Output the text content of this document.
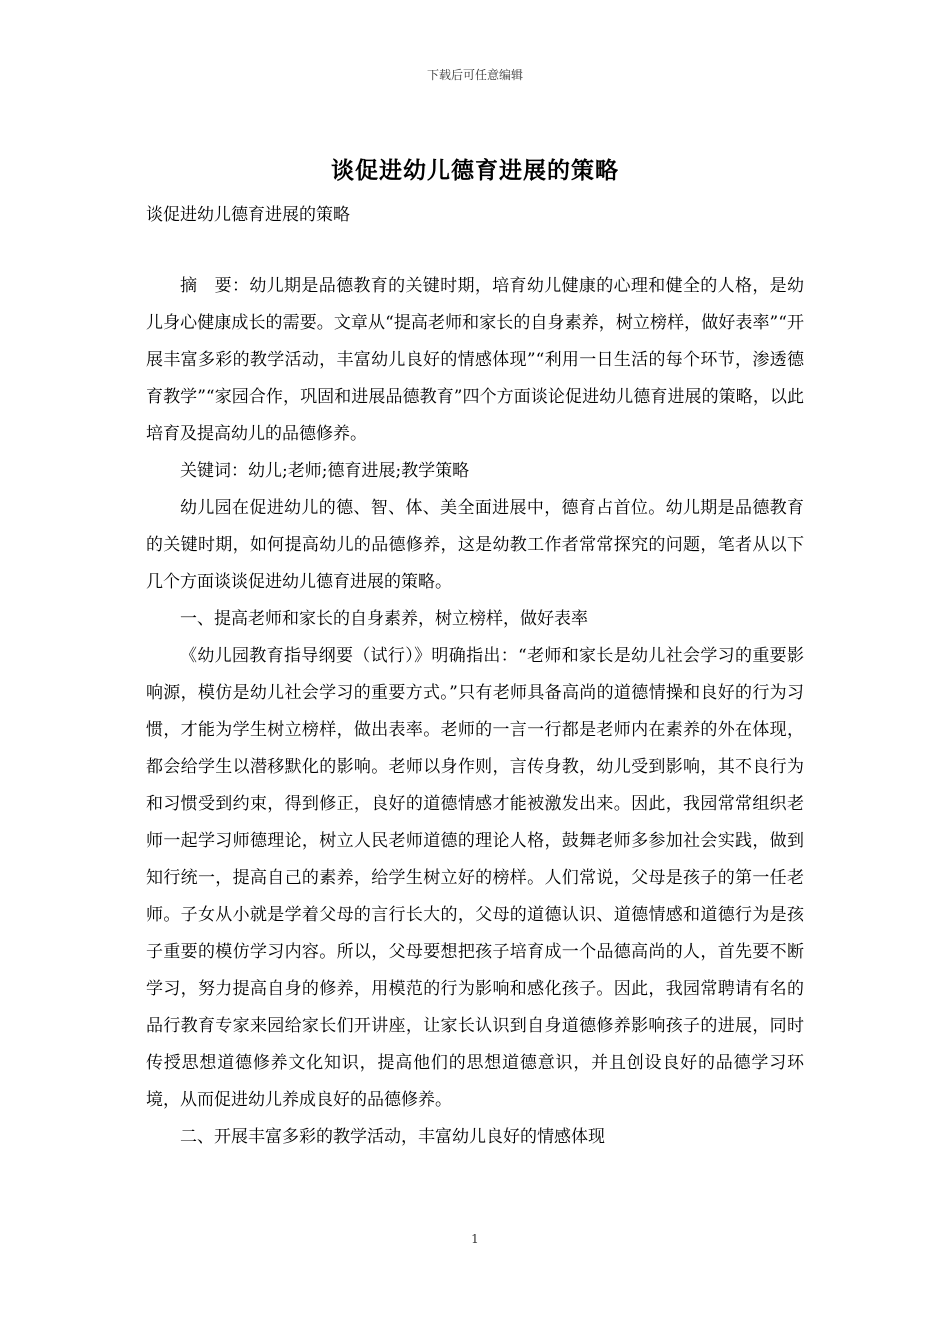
下载后可任意编辑
谈促进幼儿德育进展的策略
谈促进幼儿德育进展的策略

摘　要：幼儿期是品德教育的关键时期，培育幼儿健康的心理和健全的人格，是幼儿身心健康成长的需要。文章从“提高老师和家长的自身素养，树立榜样，做好表率”“开展丰富多彩的教学活动，丰富幼儿良好的情感体现”“利用一日生活的每个环节，渗透德育教学”“家园合作，巩固和进展品德教育”四个方面谈论促进幼儿德育进展的策略，以此培育及提高幼儿的品德修养。

关键词：幼儿;老师;德育进展;教学策略

幼儿园在促进幼儿的德、智、体、美全面进展中，德育占首位。幼儿期是品德教育的关键时期，如何提高幼儿的品德修养，这是幼教工作者常常探究的问题，笔者从以下几个方面谈谈促进幼儿德育进展的策略。

一、提高老师和家长的自身素养，树立榜样，做好表率

《幼儿园教育指导纲要（试行）》明确指出：“老师和家长是幼儿社会学习的重要影响源，模仿是幼儿社会学习的重要方式。”只有老师具备高尚的道德情操和良好的行为习惯，才能为学生树立榜样，做出表率。老师的一言一行都是老师内在素养的外在体现，都会给学生以潜移默化的影响。老师以身作则，言传身教，幼儿受到影响，其不良行为和习惯受到约束，得到修正，良好的道德情感才能被激发出来。因此，我园常常组织老师一起学习师德理论，树立人民老师道德的理论人格，鼓舞老师多参加社会实践，做到知行统一，提高自己的素养，给学生树立好的榜样。人们常说，父母是孩子的第一任老师。子女从小就是学着父母的言行长大的，父母的道德认识、道德情感和道德行为是孩子重要的模仿学习内容。所以，父母要想把孩子培育成一个品德高尚的人，首先要不断学习，努力提高自身的修养，用模范的行为影响和感化孩子。因此，我园常聘请有名的品行教育专家来园给家长们开讲座，让家长认识到自身道德修养影响孩子的进展，同时传授思想道德修养文化知识，提高他们的思想道德意识，并且创设良好的品德学习环境，从而促进幼儿养成良好的品德修养。

二、开展丰富多彩的教学活动，丰富幼儿良好的情感体现

1
